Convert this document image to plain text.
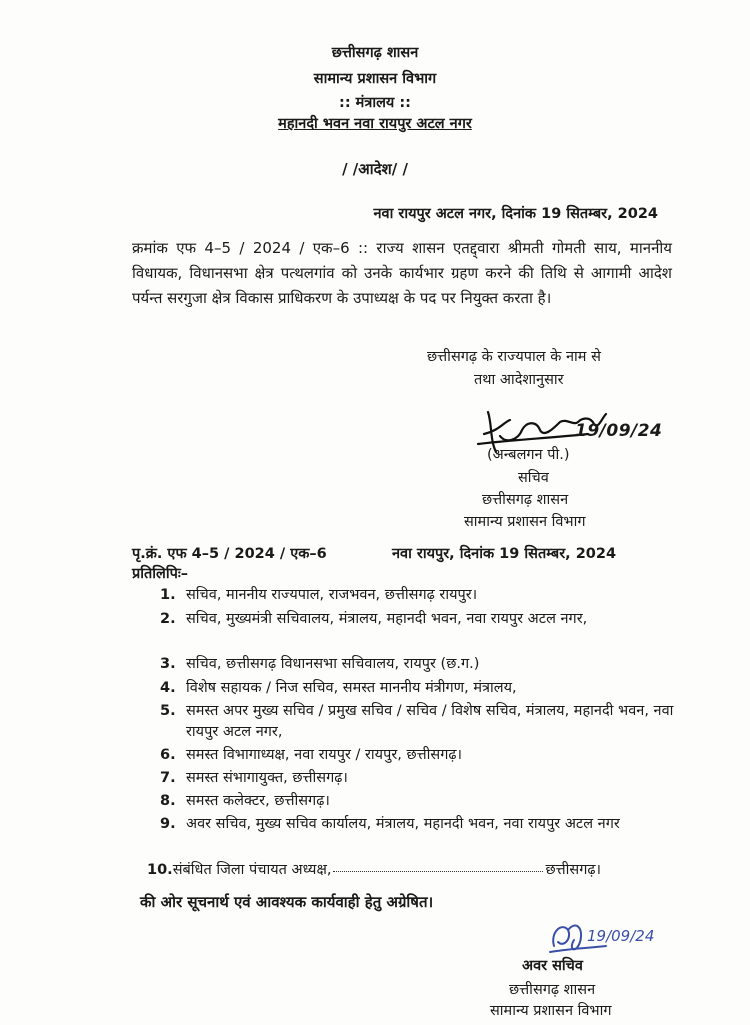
छत्तीसगढ़ शासन
सामान्य प्रशासन विभाग
:: मंत्रालय ::
महानदी भवन नवा रायपुर अटल नगर
/ /आदेश/ /
नवा रायपुर अटल नगर, दिनांक 19 सितम्बर, 2024
क्रमांक एफ 4–5 / 2024 / एक–6 :: राज्य शासन एतद्द्वारा श्रीमती गोमती साय, माननीय विधायक, विधानसभा क्षेत्र पत्थलगांव को उनके कार्यभार ग्रहण करने की तिथि से आगामी आदेश पर्यन्त सरगुजा क्षेत्र विकास प्राधिकरण के उपाध्यक्ष के पद पर नियुक्त करता है।
छत्तीसगढ़ के राज्यपाल के नाम से
तथा आदेशानुसार
19/09/24
(अन्बलगन पी.)
सचिव
छत्तीसगढ़ शासन
सामान्य प्रशासन विभाग
पृ.क्रं. एफ 4–5 / 2024 / एक–6	नवा रायपुर, दिनांक 19 सितम्बर, 2024
प्रतिलिपिः–
1. सचिव, माननीय राज्यपाल, राजभवन, छत्तीसगढ़ रायपुर।
2. सचिव, मुख्यमंत्री सचिवालय, मंत्रालय, महानदी भवन, नवा रायपुर अटल नगर,
3. सचिव, छत्तीसगढ़ विधानसभा सचिवालय, रायपुर (छ.ग.)
4. विशेष सहायक / निज सचिव, समस्त माननीय मंत्रीगण, मंत्रालय,
5. समस्त अपर मुख्य सचिव / प्रमुख सचिव / सचिव / विशेष सचिव, मंत्रालय, महानदी भवन, नवा रायपुर अटल नगर,
6. समस्त विभागाध्यक्ष, नवा रायपुर / रायपुर, छत्तीसगढ़।
7. समस्त संभागायुक्त, छत्तीसगढ़।
8. समस्त कलेक्टर, छत्तीसगढ़।
9. अवर सचिव, मुख्य सचिव कार्यालय, मंत्रालय, महानदी भवन, नवा रायपुर अटल नगर
10.संबंधित जिला पंचायत अध्यक्ष,	छत्तीसगढ़।
की ओर सूचनार्थ एवं आवश्यक कार्यवाही हेतु अग्रेषित।
19/09/24
अवर सचिव
छत्तीसगढ़ शासन
सामान्य प्रशासन विभाग
